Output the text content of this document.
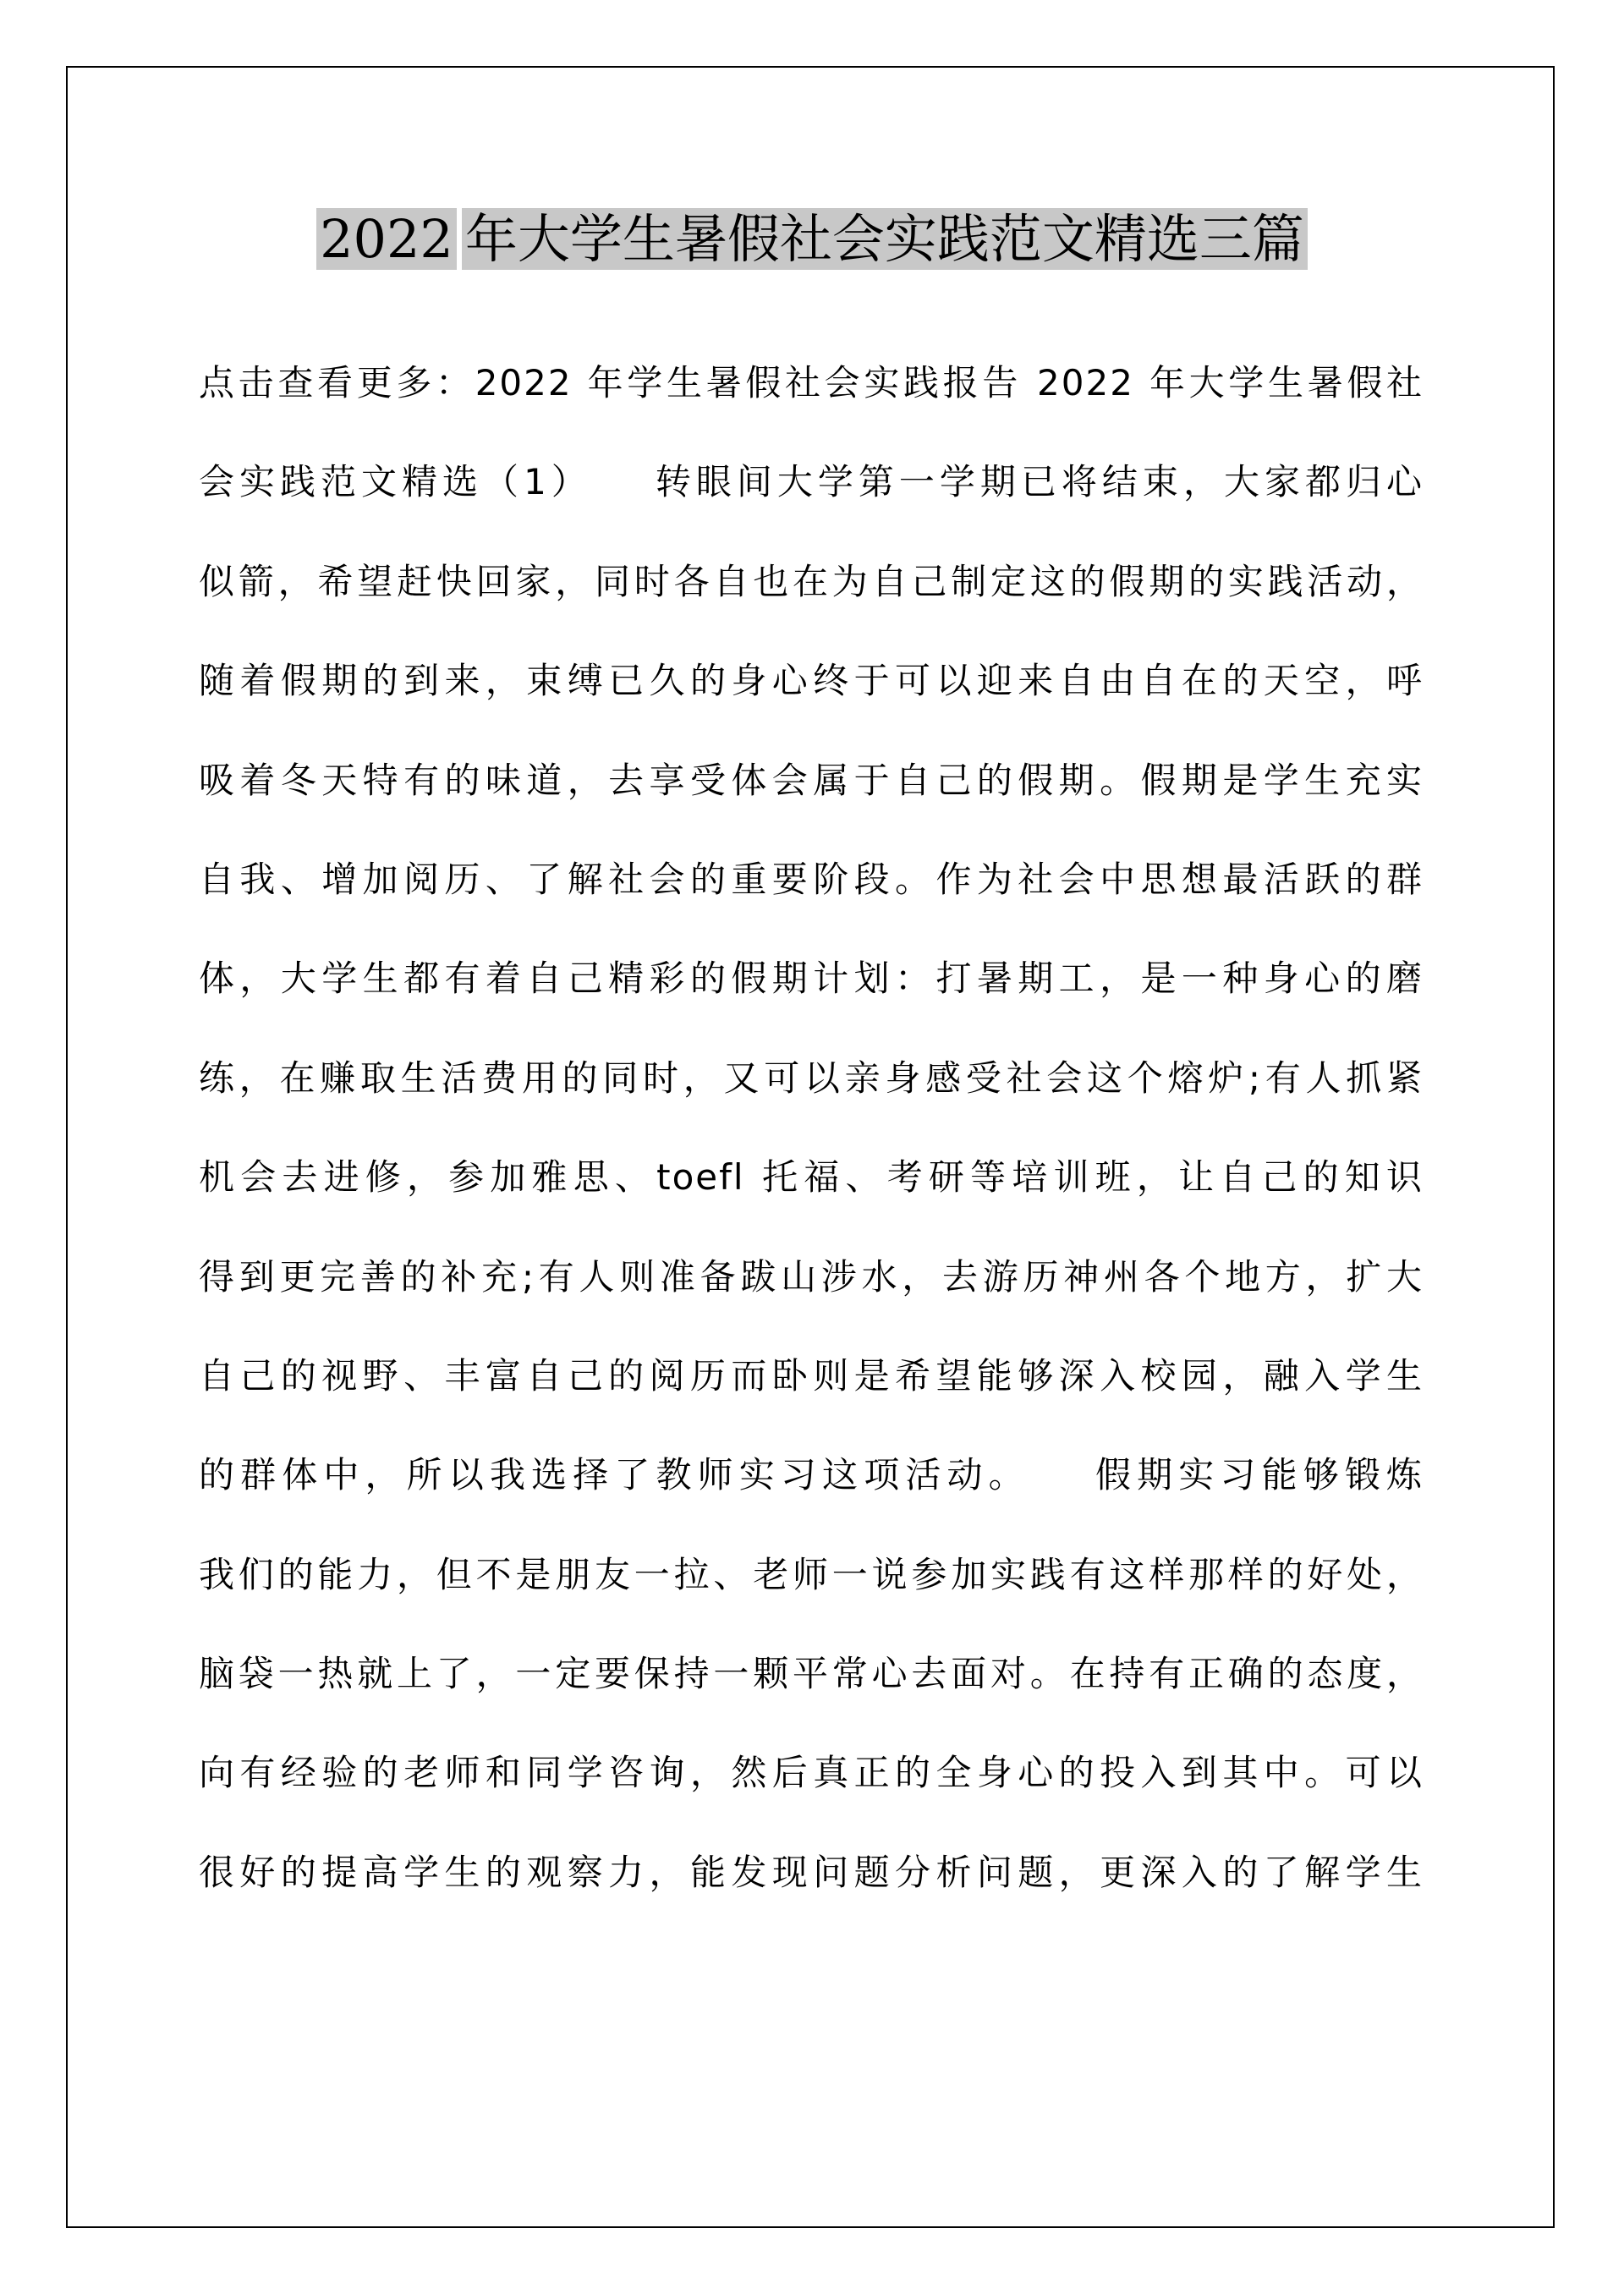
2022 年大学生暑假社会实践范文精选三篇
点击查看更多：2022 年学生暑假社会实践报告 2022 年大学生暑假社
会实践范文精选（1）　　转眼间大学第一学期已将结束，大家都归心
似箭，希望赶快回家，同时各自也在为自己制定这的假期的实践活动，
随着假期的到来，束缚已久的身心终于可以迎来自由自在的天空，呼
吸着冬天特有的味道，去享受体会属于自己的假期。假期是学生充实
自我、增加阅历、了解社会的重要阶段。作为社会中思想最活跃的群
体，大学生都有着自己精彩的假期计划：打暑期工，是一种身心的磨
练，在赚取生活费用的同时，又可以亲身感受社会这个熔炉;有人抓紧
机会去进修，参加雅思、toefl 托福、考研等培训班，让自己的知识
得到更完善的补充;有人则准备跋山涉水，去游历神州各个地方，扩大
自己的视野、丰富自己的阅历而卧则是希望能够深入校园，融入学生
的群体中，所以我选择了教师实习这项活动。　　假期实习能够锻炼
我们的能力，但不是朋友一拉、老师一说参加实践有这样那样的好处，
脑袋一热就上了，一定要保持一颗平常心去面对。在持有正确的态度，
向有经验的老师和同学咨询，然后真正的全身心的投入到其中。可以
很好的提高学生的观察力，能发现问题分析问题，更深入的了解学生
